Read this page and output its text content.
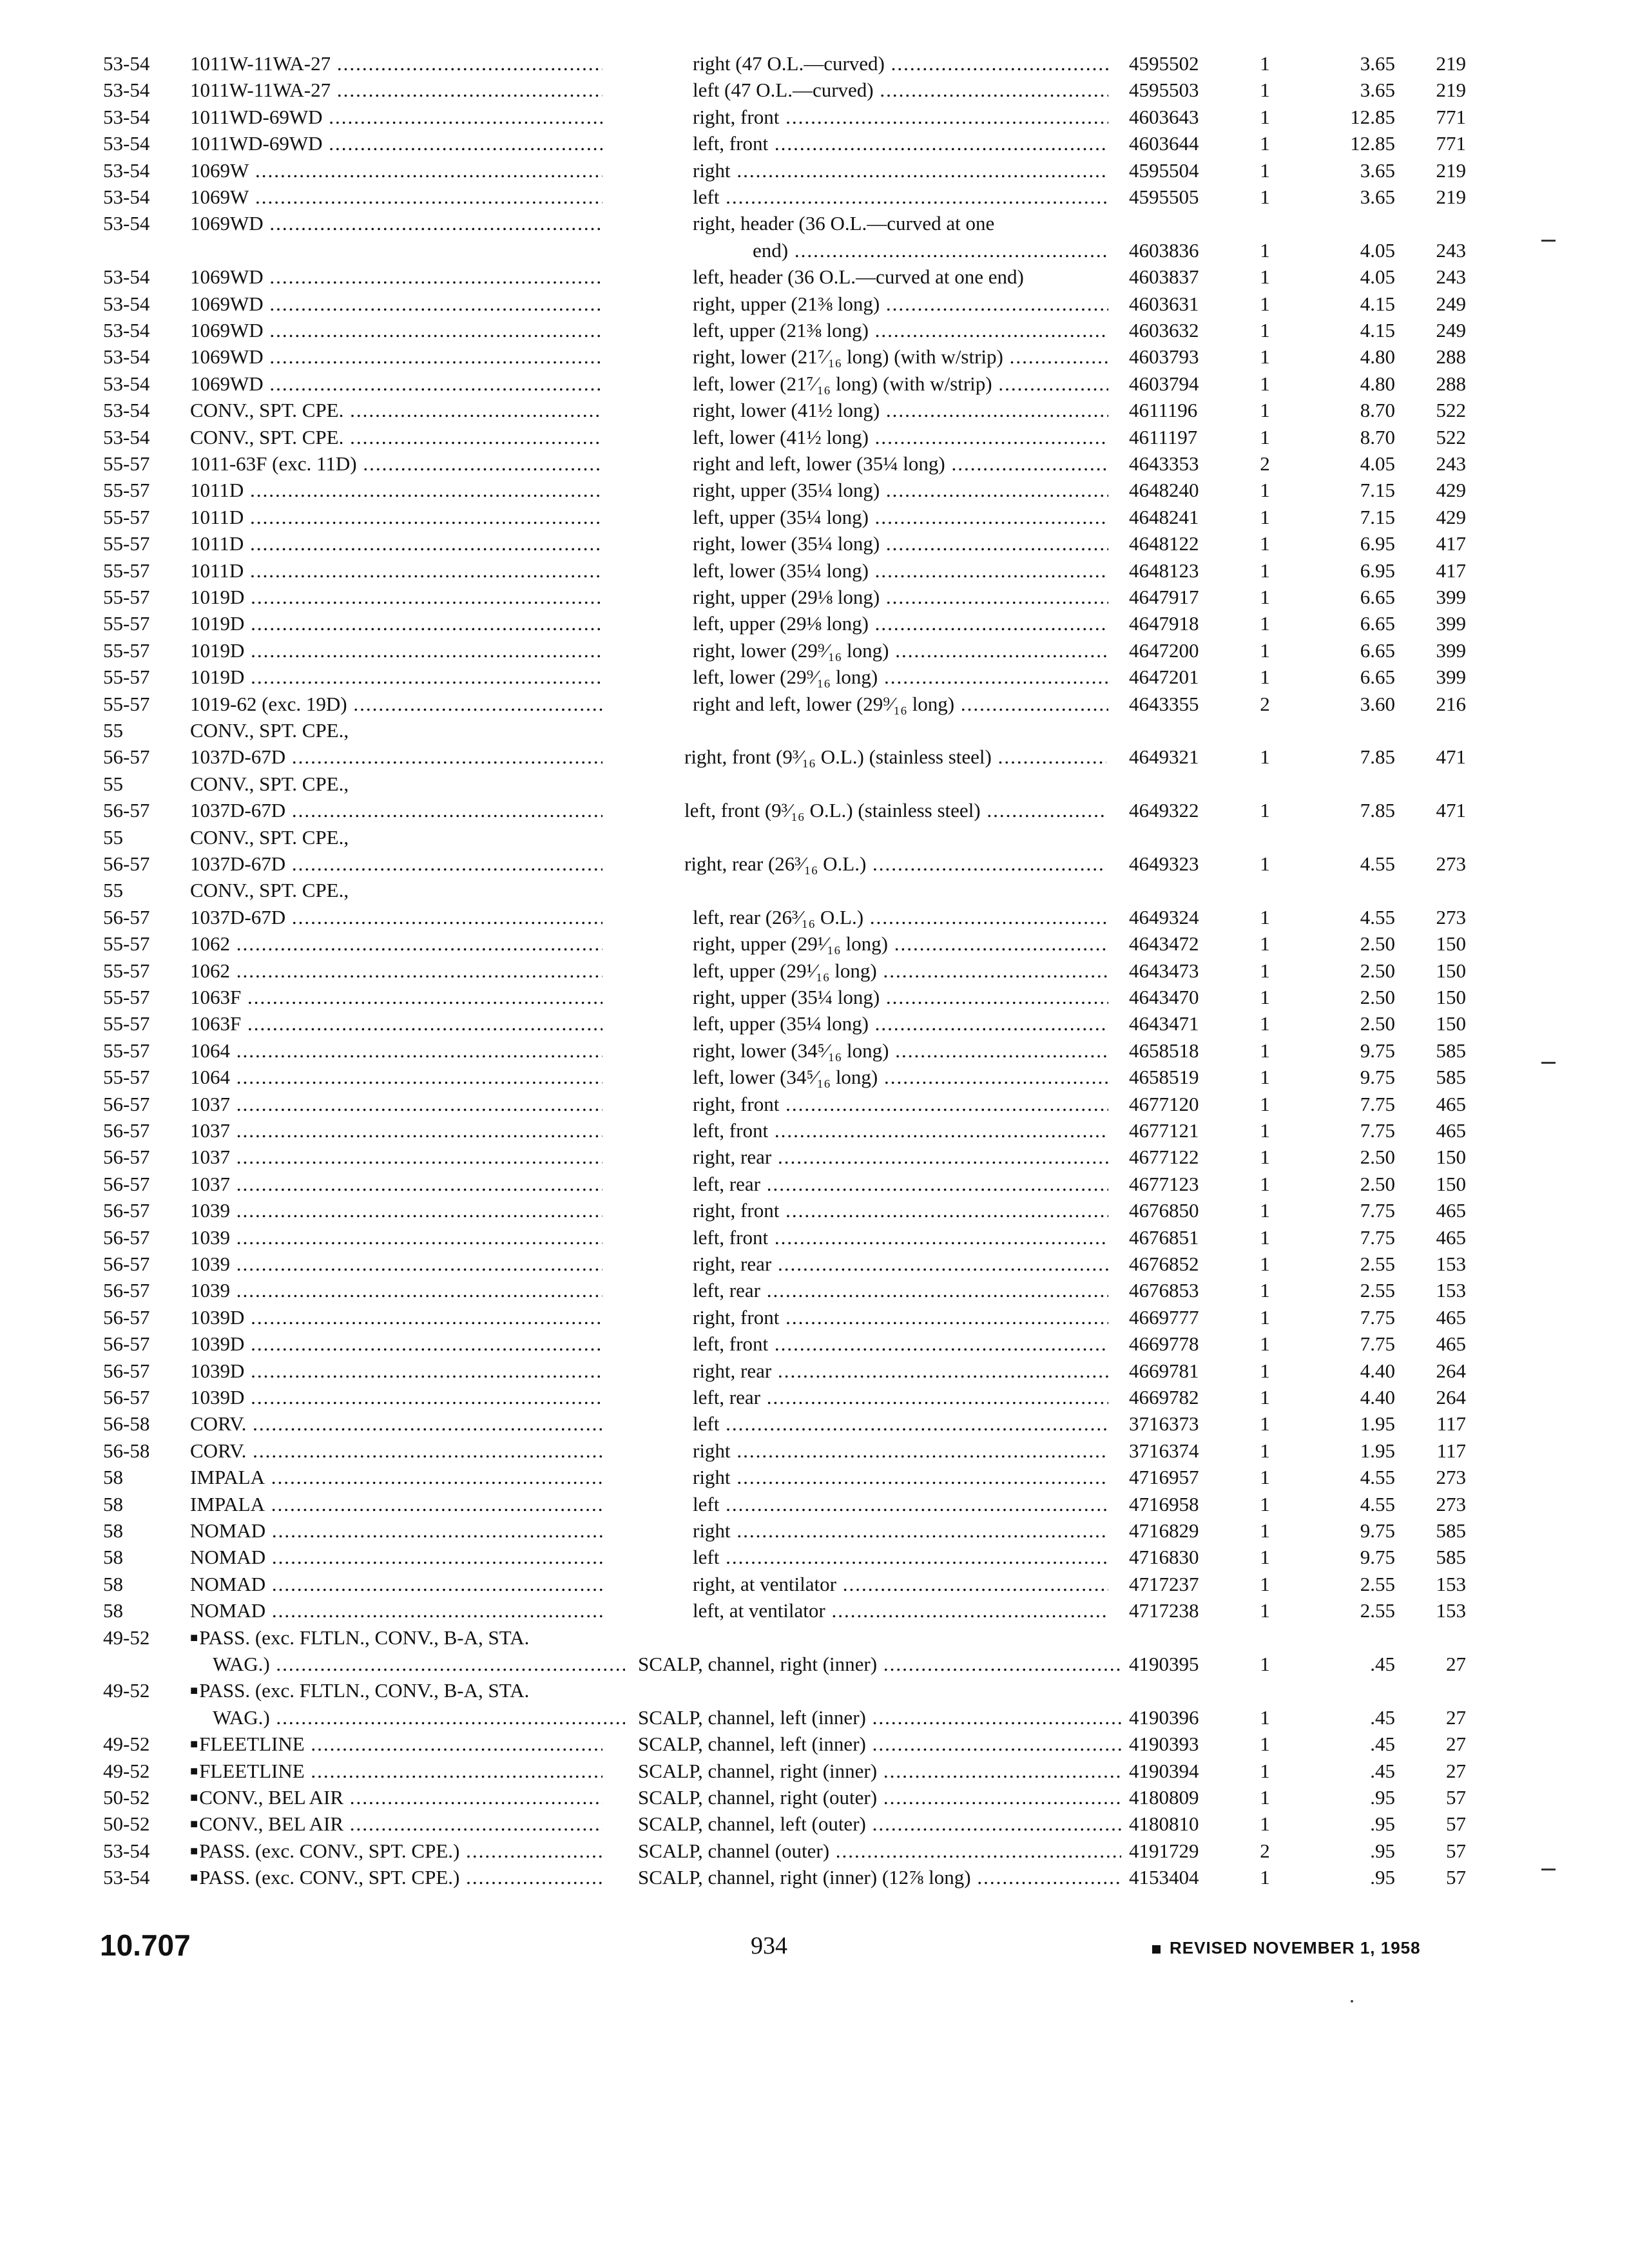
53-54	1011W-11WA-27 .....	right (47 O.L.—curved) .....	4595502	1	3.65	219
53-54	1011W-11WA-27 .....	left (47 O.L.—curved) .....	4595503	1	3.65	219
53-54	1011WD-69WD .....	right, front .....	4603643	1	12.85	771
53-54	1011WD-69WD .....	left, front .....	4603644	1	12.85	771
53-54	1069W .....	right .....	4595504	1	3.65	219
53-54	1069W .....	left .....	4595505	1	3.65	219
53-54	1069WD .....	right, header (36 O.L.—curved at one
end) .....	4603836	1	4.05	243
53-54	1069WD .....	left, header (36 O.L.—curved at one end)	4603837	1	4.05	243
53-54	1069WD .....	right, upper (21⅜ long) .....	4603631	1	4.15	249
53-54	1069WD .....	left, upper (21⅜ long) .....	4603632	1	4.15	249
53-54	1069WD .....	right, lower (21⁷⁄₁₆ long) (with w/strip) .....	4603793	1	4.80	288
53-54	1069WD .....	left, lower (21⁷⁄₁₆ long) (with w/strip) .....	4603794	1	4.80	288
53-54	CONV., SPT. CPE. .....	right, lower (41½ long) .....	4611196	1	8.70	522
53-54	CONV., SPT. CPE. .....	left, lower (41½ long) .....	4611197	1	8.70	522
55-57	1011-63F (exc. 11D) .....	right and left, lower (35¼ long) .....	4643353	2	4.05	243
55-57	1011D .....	right, upper (35¼ long) .....	4648240	1	7.15	429
55-57	1011D .....	left, upper (35¼ long) .....	4648241	1	7.15	429
55-57	1011D .....	right, lower (35¼ long) .....	4648122	1	6.95	417
55-57	1011D .....	left, lower (35¼ long) .....	4648123	1	6.95	417
55-57	1019D .....	right, upper (29⅛ long) .....	4647917	1	6.65	399
55-57	1019D .....	left, upper (29⅛ long) .....	4647918	1	6.65	399
55-57	1019D .....	right, lower (29⁹⁄₁₆ long) .....	4647200	1	6.65	399
55-57	1019D .....	left, lower (29⁹⁄₁₆ long) .....	4647201	1	6.65	399
55-57	1019-62 (exc. 19D) .....	right and left, lower (29⁹⁄₁₆ long) .....	4643355	2	3.60	216
55	CONV., SPT. CPE.,
56-57	1037D-67D .....	right, front (9³⁄₁₆ O.L.) (stainless steel) .....	4649321	1	7.85	471
55	CONV., SPT. CPE.,
56-57	1037D-67D .....	left, front (9³⁄₁₆ O.L.) (stainless steel) .....	4649322	1	7.85	471
55	CONV., SPT. CPE.,
56-57	1037D-67D .....	right, rear (26³⁄₁₆ O.L.) .....	4649323	1	4.55	273
55	CONV., SPT. CPE.,
56-57	1037D-67D .....	left, rear (26³⁄₁₆ O.L.) .....	4649324	1	4.55	273
55-57	1062 .....	right, upper (29¹⁄₁₆ long) .....	4643472	1	2.50	150
55-57	1062 .....	left, upper (29¹⁄₁₆ long) .....	4643473	1	2.50	150
55-57	1063F .....	right, upper (35¼ long) .....	4643470	1	2.50	150
55-57	1063F .....	left, upper (35¼ long) .....	4643471	1	2.50	150
55-57	1064 .....	right, lower (34⁵⁄₁₆ long) .....	4658518	1	9.75	585
55-57	1064 .....	left, lower (34⁵⁄₁₆ long) .....	4658519	1	9.75	585
56-57	1037 .....	right, front .....	4677120	1	7.75	465
56-57	1037 .....	left, front .....	4677121	1	7.75	465
56-57	1037 .....	right, rear .....	4677122	1	2.50	150
56-57	1037 .....	left, rear .....	4677123	1	2.50	150
56-57	1039 .....	right, front .....	4676850	1	7.75	465
56-57	1039 .....	left, front .....	4676851	1	7.75	465
56-57	1039 .....	right, rear .....	4676852	1	2.55	153
56-57	1039 .....	left, rear .....	4676853	1	2.55	153
56-57	1039D .....	right, front .....	4669777	1	7.75	465
56-57	1039D .....	left, front .....	4669778	1	7.75	465
56-57	1039D .....	right, rear .....	4669781	1	4.40	264
56-57	1039D .....	left, rear .....	4669782	1	4.40	264
56-58	CORV. .....	left .....	3716373	1	1.95	117
56-58	CORV. .....	right .....	3716374	1	1.95	117
58	IMPALA .....	right .....	4716957	1	4.55	273
58	IMPALA .....	left .....	4716958	1	4.55	273
58	NOMAD .....	right .....	4716829	1	9.75	585
58	NOMAD .....	left .....	4716830	1	9.75	585
58	NOMAD .....	right, at ventilator .....	4717237	1	2.55	153
58	NOMAD .....	left, at ventilator .....	4717238	1	2.55	153
49-52	■PASS. (exc. FLTLN., CONV., B-A, STA.
WAG.) .....	SCALP, channel, right (inner) .....	4190395	1	.45	27
49-52	■PASS. (exc. FLTLN., CONV., B-A, STA.
WAG.) .....	SCALP, channel, left (inner) .....	4190396	1	.45	27
49-52	■FLEETLINE .....	SCALP, channel, left (inner) .....	4190393	1	.45	27
49-52	■FLEETLINE .....	SCALP, channel, right (inner) .....	4190394	1	.45	27
50-52	■CONV., BEL AIR .....	SCALP, channel, right (outer) .....	4180809	1	.95	57
50-52	■CONV., BEL AIR .....	SCALP, channel, left (outer) .....	4180810	1	.95	57
53-54	■PASS. (exc. CONV., SPT. CPE.) .....	SCALP, channel (outer) .....	4191729	2	.95	57
53-54	■PASS. (exc. CONV., SPT. CPE.) .....	SCALP, channel, right (inner) (12⅞ long) .....	4153404	1	.95	57
10.707	934	REVISED NOVEMBER 1, 1958
